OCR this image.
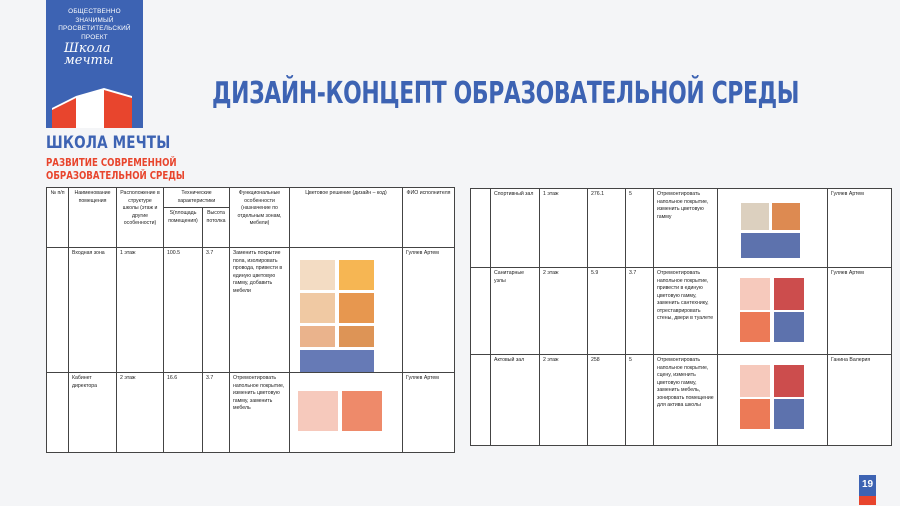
ОБЩЕСТВЕННО ЗНАЧИМЫЙ ПРОСВЕТИТЕЛЬСКИЙ ПРОЕКТ
Школа мечты
ШКОЛА МЕЧТЫ
РАЗВИТИЕ СОВРЕМЕННОЙ
ОБРАЗОВАТЕЛЬНОЙ СРЕДЫ
ДИЗАЙН-КОНЦЕПТ ОБРАЗОВАТЕЛЬНОЙ СРЕДЫ
№ п/п	Наименование помещения	Расположение в структуре школы (этаж и другие особенности)	Технические характеристики		Функциональные особенности (назначение по отдельным зонам, мебели)	Цветовое решение (дизайн – код)	ФИО исполнителя
			S(площадь помещения)	Высота потолка			
	Входная зона	1 этаж	100.5	3.7	Заменить покрытие пола, изолировать провода, привести в единую цветовую гамму, добавить мебели		Гуляев Артем
	Кабинет директора	2 этаж	16.6	3.7	Отремонтировать напольное покрытие, изменить цветовую гамму, заменить мебель		Гуляев Артем
	Спортивный зал	1 этаж	276.1	5	Отремонтировать напольное покрытие, изменить цветовую гамму		Гуляев Артем
	Санитарные узлы	2 этаж	5.9	3.7	Отремонтировать напольное покрытие, привести в единую цветовую гамму, заменить сантехнику, отреставрировать стены, двери в туалете		Гуляев Артем
	Актовый зал	2 этаж	258	5	Отремонтировать напольное покрытие, сцену, изменить цветовую гамму, заменить мебель, зонировать помещение для актива школы		Ганина Валерия
19
